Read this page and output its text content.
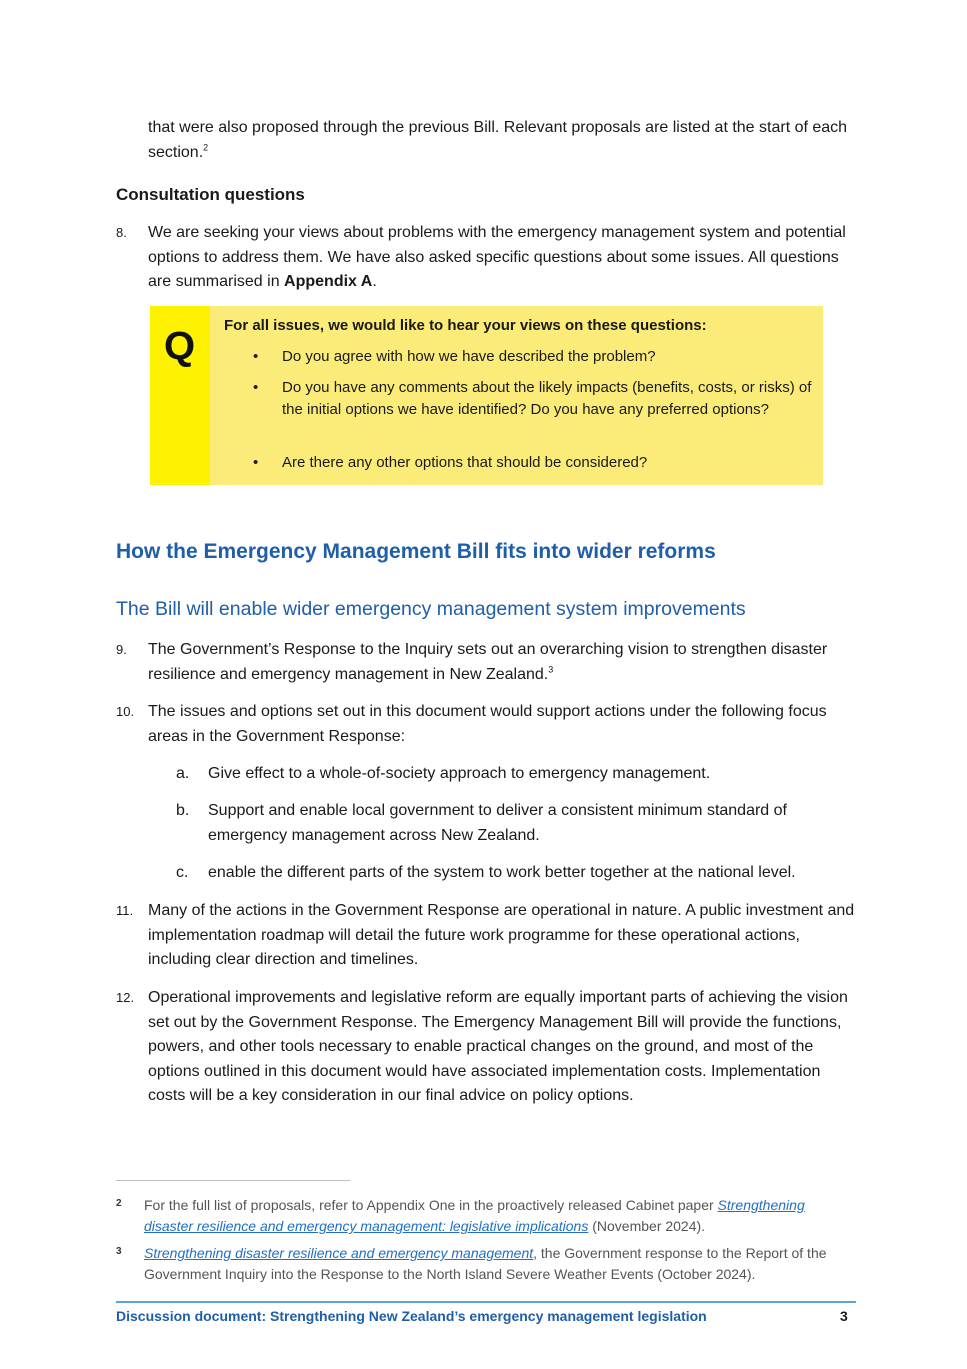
that were also proposed through the previous Bill. Relevant proposals are listed at the start of each section.$^2$
Consultation questions
8. We are seeking your views about problems with the emergency management system and potential options to address them. We have also asked specific questions about some issues. All questions are summarised in Appendix A.
Q For all issues, we would like to hear your views on these questions:
• Do you agree with how we have described the problem?
• Do you have any comments about the likely impacts (benefits, costs, or risks) of the initial options we have identified? Do you have any preferred options?
• Are there any other options that should be considered?
How the Emergency Management Bill fits into wider reforms
The Bill will enable wider emergency management system improvements
9. The Government’s Response to the Inquiry sets out an overarching vision to strengthen disaster resilience and emergency management in New Zealand.$^3$
10. The issues and options set out in this document would support actions under the following focus areas in the Government Response:
a. Give effect to a whole-of-society approach to emergency management.
b. Support and enable local government to deliver a consistent minimum standard of emergency management across New Zealand.
c. enable the different parts of the system to work better together at the national level.
11. Many of the actions in the Government Response are operational in nature. A public investment and implementation roadmap will detail the future work programme for these operational actions, including clear direction and timelines.
12. Operational improvements and legislative reform are equally important parts of achieving the vision set out by the Government Response. The Emergency Management Bill will provide the functions, powers, and other tools necessary to enable practical changes on the ground, and most of the options outlined in this document would have associated implementation costs. Implementation costs will be a key consideration in our final advice on policy options.
2 For the full list of proposals, refer to Appendix One in the proactively released Cabinet paper Strengthening disaster resilience and emergency management: legislative implications (November 2024).
3 Strengthening disaster resilience and emergency management, the Government response to the Report of the Government Inquiry into the Response to the North Island Severe Weather Events (October 2024).
Discussion document: Strengthening New Zealand’s emergency management legislation	3
